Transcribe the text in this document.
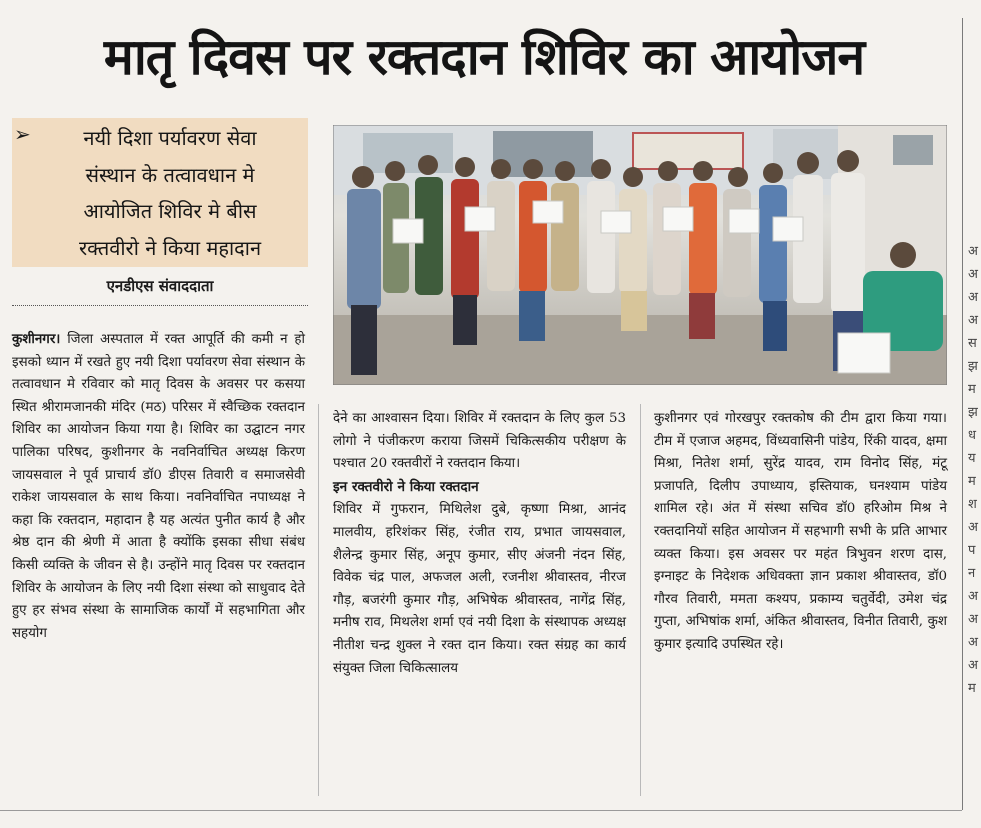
मातृ दिवस पर रक्तदान शिविर का आयोजन
अ
अ
अ
अ
स
झ
म
झ
ध
य
म
श
अ
प
न
अ
अ
अ
अ
म
➢	नयी दिशा पर्यावरण सेवा
संस्थान के तत्वावधान मे
आयोजित शिविर मे बीस
रक्तवीरो ने किया महादान
एनडीएस संवाददाता

कुशीनगर। जिला अस्पताल में रक्त आपूर्ति की कमी न हो इसको ध्यान में रखते हुए नयी दिशा पर्यावरण सेवा संस्थान के तत्वावधान मे रविवार को मातृ दिवस के अवसर पर कसया स्थित श्रीरामजानकी मंदिर (मठ) परिसर में स्वैच्छिक रक्तदान शिविर का आयोजन किया गया है। शिविर का उद्घाटन नगर पालिका परिषद, कुशीनगर के नवनिर्वाचित अध्यक्ष किरण जायसवाल ने पूर्व प्राचार्य डॉ0 डीएस तिवारी व समाजसेवी राकेश जायसवाल के साथ किया। नवनिर्वाचित नपाध्यक्ष ने कहा कि रक्तदान, महादान है यह अत्यंत पुनीत कार्य है और श्रेष्ठ दान की श्रेणी में आता है क्योंकि इसका सीधा संबंध किसी व्यक्ति के जीवन से है। उन्होंने मातृ दिवस पर रक्तदान शिविर के आयोजन के लिए नयी दिशा संस्था को साधुवाद देते हुए हर संभव संस्था के सामाजिक कार्यों में सहभागिता और सहयोग

देने का आश्वासन दिया। शिविर में रक्तदान के लिए कुल 53 लोगो ने पंजीकरण कराया जिसमें चिकित्सकीय परीक्षण के पश्चात 20 रक्तवीरों ने रक्तदान किया।
इन रक्तवीरो ने किया रक्तदान
शिविर में गुफरान, मिथिलेश दुबे, कृष्णा मिश्रा, आनंद मालवीय, हरिशंकर सिंह, रंजीत राय, प्रभात जायसवाल, शैलेन्द्र कुमार सिंह, अनूप कुमार, सीए अंजनी नंदन सिंह, विवेक चंद्र पाल, अफजल अली, रजनीश श्रीवास्तव, नीरज गौड़, बजरंगी कुमार गौड़, अभिषेक श्रीवास्तव, नागेंद्र सिंह, मनीष राव, मिथलेश शर्मा एवं नयी दिशा के संस्थापक अध्यक्ष नीतीश चन्द्र शुक्ल ने रक्त दान किया। रक्त संग्रह का कार्य संयुक्त जिला चिकित्सालय

कुशीनगर एवं गोरखपुर रक्तकोष की टीम द्वारा किया गया। टीम में एजाज अहमद, विंध्यवासिनी पांडेय, रिंकी यादव, क्षमा मिश्रा, नितेश शर्मा, सुरेंद्र यादव, राम विनोद सिंह, मंटू प्रजापति, दिलीप उपाध्याय, इस्तियाक, घनश्याम पांडेय शामिल रहे। अंत में संस्था सचिव डॉ0 हरिओम मिश्र ने रक्तदानियों सहित आयोजन में सहभागी सभी के प्रति आभार व्यक्त किया। इस अवसर पर महंत त्रिभुवन शरण दास, इग्नाइट के निदेशक अधिवक्ता ज्ञान प्रकाश श्रीवास्तव, डॉ0 गौरव तिवारी, ममता कश्यप, प्रकाम्य चतुर्वेदी, उमेश चंद्र गुप्ता, अभिषांक शर्मा, अंकित श्रीवास्तव, विनीत तिवारी, कुश कुमार इत्यादि उपस्थित रहे।
